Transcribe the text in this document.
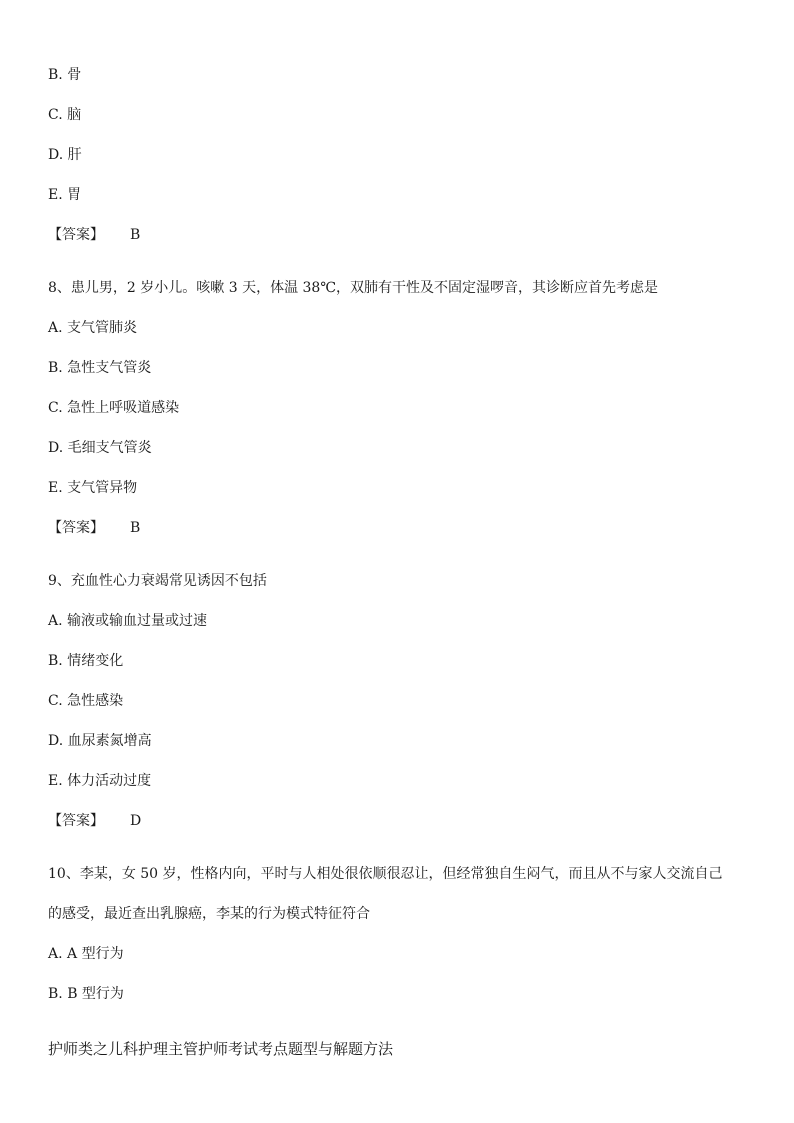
B. 骨
C. 脑
D. 肝
E. 胃
【答案】 B
8、患儿男，2 岁小儿。咳嗽 3 天，体温 38℃，双肺有干性及不固定湿啰音，其诊断应首先考虑是
A. 支气管肺炎
B. 急性支气管炎
C. 急性上呼吸道感染
D. 毛细支气管炎
E. 支气管异物
【答案】 B
9、充血性心力衰竭常见诱因不包括
A. 输液或输血过量或过速
B. 情绪变化
C. 急性感染
D. 血尿素氮增高
E. 体力活动过度
【答案】 D
10、李某，女 50 岁，性格内向，平时与人相处很依顺很忍让，但经常独自生闷气，而且从不与家人交流自己
的感受，最近查出乳腺癌，李某的行为模式特征符合
A. A 型行为
B. B 型行为
护师类之儿科护理主管护师考试考点题型与解题方法
